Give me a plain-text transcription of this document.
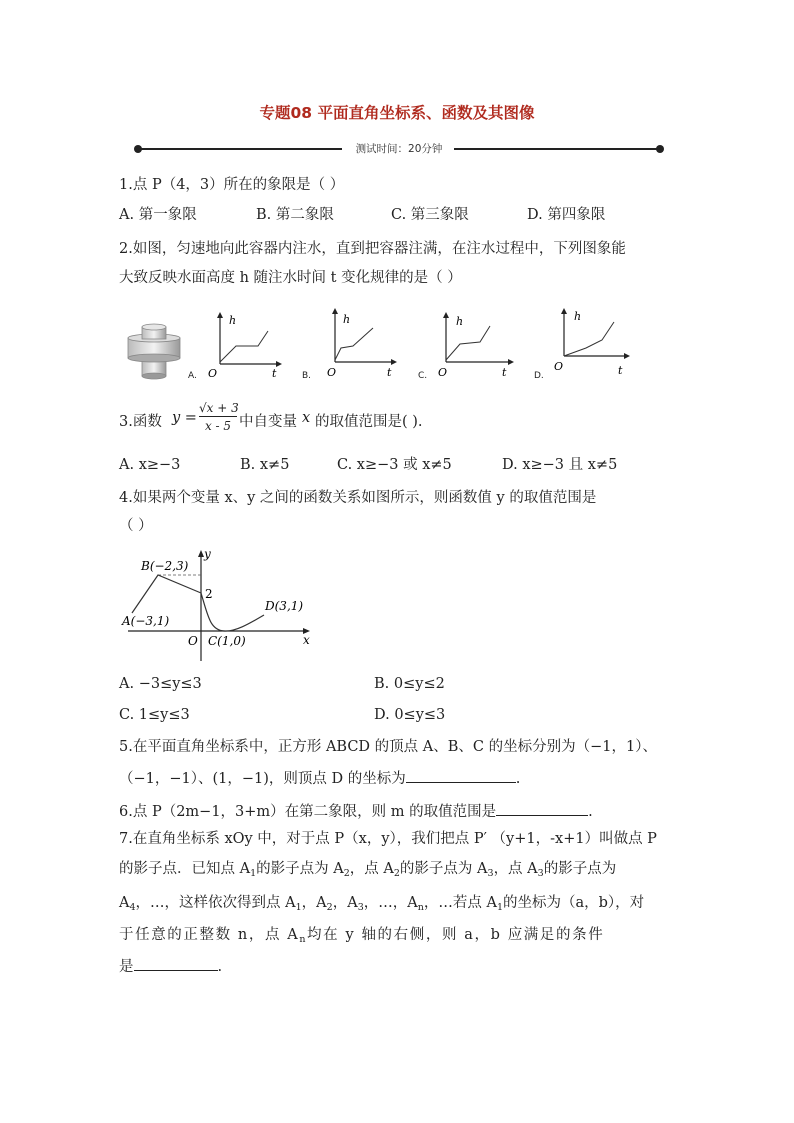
专题08 平面直角坐标系、函数及其图像
测试时间：20分钟
1.点 P（4，3）所在的象限是（ ）
A. 第一象限	B. 第二象限	C. 第三象限	D. 第四象限
2.如图，匀速地向此容器内注水，直到把容器注满，在注水过程中，下列图象能
大致反映水面高度 h 随注水时间 t 变化规律的是（ ）
h
O	t
A.
h
O	t
B.
h
O	t
C.
h
O	t
D.
3.函数 y =
√x + 3
x - 5 中自变量 x 的取值范围是( ).
A. x≥−3	B. x≠5	C. x≥−3 或 x≠5	D. x≥−3 且 x≠5
4.如果两个变量 x、y 之间的函数关系如图所示，则函数值 y 的取值范围是
（ ）
B(−2,3)
A(−3,1)
2
D(3,1)
C(1,0)
O	x
y
A. −3≤y≤3	B. 0≤y≤2
C. 1≤y≤3	D. 0≤y≤3
5.在平面直角坐标系中，正方形 ABCD 的顶点 A、B、C 的坐标分别为（−1，1）、
（−1，−1）、(1，−1)，则顶点 D 的坐标为	.
6.点 P（2m−1，3+m）在第二象限，则 m 的取值范围是	.
7.在直角坐标系 xOy 中，对于点 P（x，y），我们把点 P′ （y+1，-x+1）叫做点 P
的影子点．已知点 $A_1$的影子点为 $A_2$，点 $A_2$的影子点为 $A_3$，点 $A_3$的影子点为
$A_4$，…，这样依次得到点 $A_1$，$A_2$，$A_3$，…，$A_n$，…若点 $A_1$的坐标为（a，b），对
于任意的正整数 n，点 $A_n$均在 y 轴的右侧，则 a，b 应满足的条件
是	.
